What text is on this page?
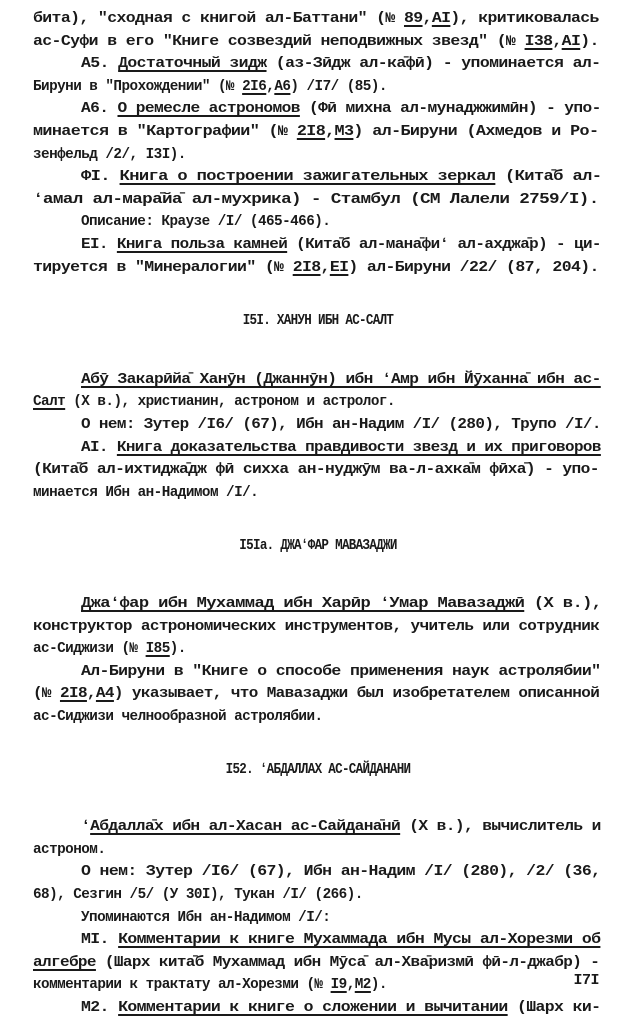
бита), "сходная с книгой ал-Баттани" (№ 89,AI), критиковалась
ас-Суфи в его "Книге созвездий неподвижных звезд" (№ I38,AI).
А5. Достаточный зидж (аз-Зӣдж ал-ка̄фӣ) - упоминается ал-
Бируни в "Прохождении" (№ 2I6,А6) /I7/ (85).
А6. О ремесле астрономов (Фӣ михна ал-мунаджжимӣн) - упо-
минается в "Картографии" (№ 2I8,М3) ал-Бируни (Ахмедов и Ро-
зенфельд /2/, I3I).
ФI. Книга о построении зажигательных зеркал (Кита̄б ал-
ʻамал ал-мара̄йа̄ ал-мухрика) - Стамбул (СМ Лалели 2759/I).
Описание: Краузе /I/ (465-466).
ЕI. Книга польза камней (Кита̄б ал-мана̄фиʻ ал-ахджа̄р) - ци-
тируется в "Минералогии" (№ 2I8,ЕI) ал-Бируни /22/ (87, 204).
I5I. ХАНУН ИБН АС-САЛТ
Абӯ Закарӣйа̄ Ханӯн (Джаннӯн) ибн ʻАмр ибн Йӯханна̄ ибн ас-
Салт (X в.), христианин, астроном и астролог.
О нем: Зутер /I6/ (67), Ибн ан-Надим /I/ (280), Трупо /I/.
АI. Книга доказательства правдивости звезд и их приговоров
(Кита̄б ал-ихтиджа̄дж фӣ сихха ан-нуджӯм ва-л-ахка̄м фӣха̄) - упо-
минается Ибн ан-Надимом /I/.
I5Iа. ДЖАʻФАР МАВАЗАДЖИ
Джаʻфар ибн Мухаммад ибн Харӣр ʻУмар Мавазаджӣ (X в.),
конструктор астрономических инструментов, учитель или сотрудник
ас-Сиджизи (№ I85).
Ал-Бируни в "Книге о способе применения наук астролябии"
(№ 2I8,А4) указывает, что Мавазаджи был изобретателем описанной
ас-Сиджизи челнообразной астролябии.
I52. ʻАБДАЛЛАХ АС-САЙДАНАНИ
ʻАбдалла̄х ибн ал-Хасан ас-Сайдана̄нӣ (X в.), вычислитель и
астроном.
О нем: Зутер /I6/ (67), Ибн ан-Надим /I/ (280), /2/ (36,
68), Сезгин /5/ (У 30I), Тукан /I/ (266).
Упоминаются Ибн ан-Надимом /I/:
МI. Комментарии к книге Мухаммада ибн Мусы ал-Хорезми об
алгебре (Шарх кита̄б Мухаммад ибн Мӯса̄ ал-Хва̄ризмӣ фӣ-л-джабр) -
комментарии к трактату ал-Хорезми (№ I9,М2).
М2. Комментарии к книге о сложении и вычитании (Шарх ки-
I7I
